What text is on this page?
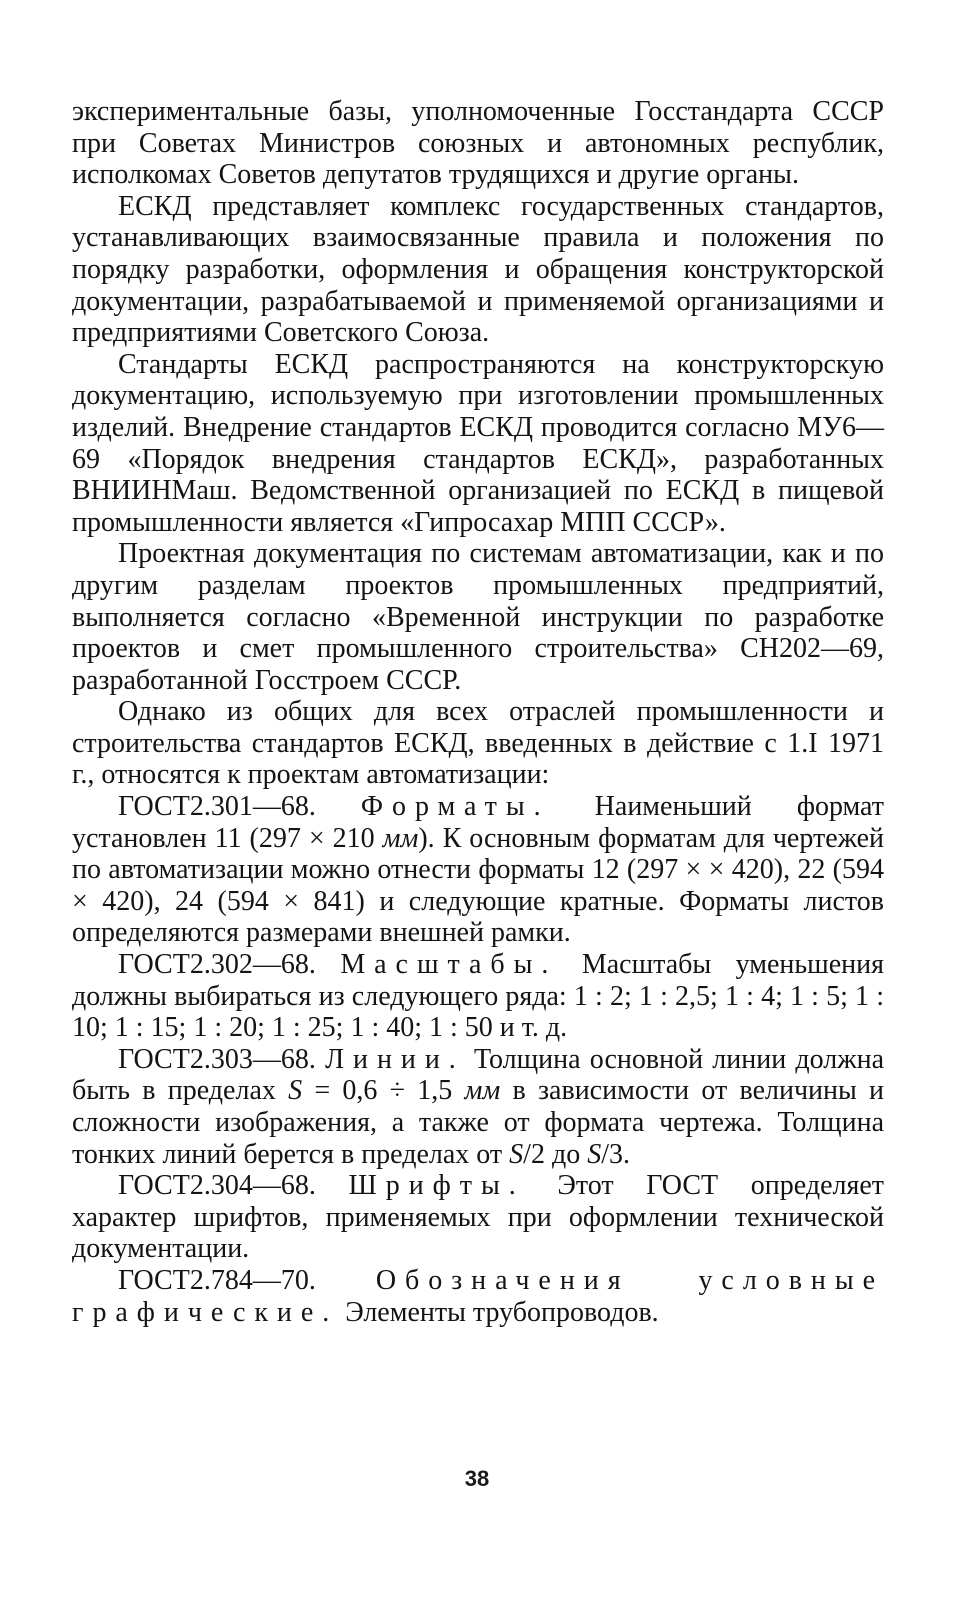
экспериментальные базы, уполномоченные Госстандарта СССР при Советах Министров союзных и автономных республик, исполкомах Советов депутатов трудящихся и другие органы.

ЕСКД представляет комплекс государственных стандартов, устанавливающих взаимосвязанные правила и положения по порядку разработки, оформления и обращения конструкторской документации, разрабатываемой и применяемой организациями и предприятиями Советского Союза.

Стандарты ЕСКД распространяются на конструкторскую документацию, используемую при изготовлении промышленных изделий. Внедрение стандартов ЕСКД проводится согласно МУ6—69 «Порядок внедрения стандартов ЕСКД», разработанных ВНИИНМаш. Ведомственной организацией по ЕСКД в пищевой промышленности является «Гипросахар МПП СССР».

Проектная документация по системам автоматизации, как и по другим разделам проектов промышленных предприятий, выполняется согласно «Временной инструкции по разработке проектов и смет промышленного строительства» СН202—69, разработанной Госстроем СССР.

Однако из общих для всех отраслей промышленности и строительства стандартов ЕСКД, введенных в действие с 1.I 1971 г., относятся к проектам автоматизации:

ГОСТ2.301—68. Форматы. Наименьший формат установлен 11 (297 × 210 мм). К основным форматам для чертежей по автоматизации можно отнести форматы 12 (297 × × 420), 22 (594 × 420), 24 (594 × 841) и следующие кратные. Форматы листов определяются размерами внешней рамки.

ГОСТ2.302—68. Масштабы. Масштабы уменьшения должны выбираться из следующего ряда: 1 : 2; 1 : 2,5; 1 : 4; 1 : 5; 1 : 10; 1 : 15; 1 : 20; 1 : 25; 1 : 40; 1 : 50 и т. д.

ГОСТ2.303—68. Линии. Толщина основной линии должна быть в пределах S = 0,6 ÷ 1,5 мм в зависимости от величины и сложности изображения, а также от формата чертежа. Толщина тонких линий берется в пределах от S/2 до S/3.

ГОСТ2.304—68. Шрифты. Этот ГОСТ определяет характер шрифтов, применяемых при оформлении технической документации.

ГОСТ2.784—70. Обозначения условные графические. Элементы трубопроводов.

38
